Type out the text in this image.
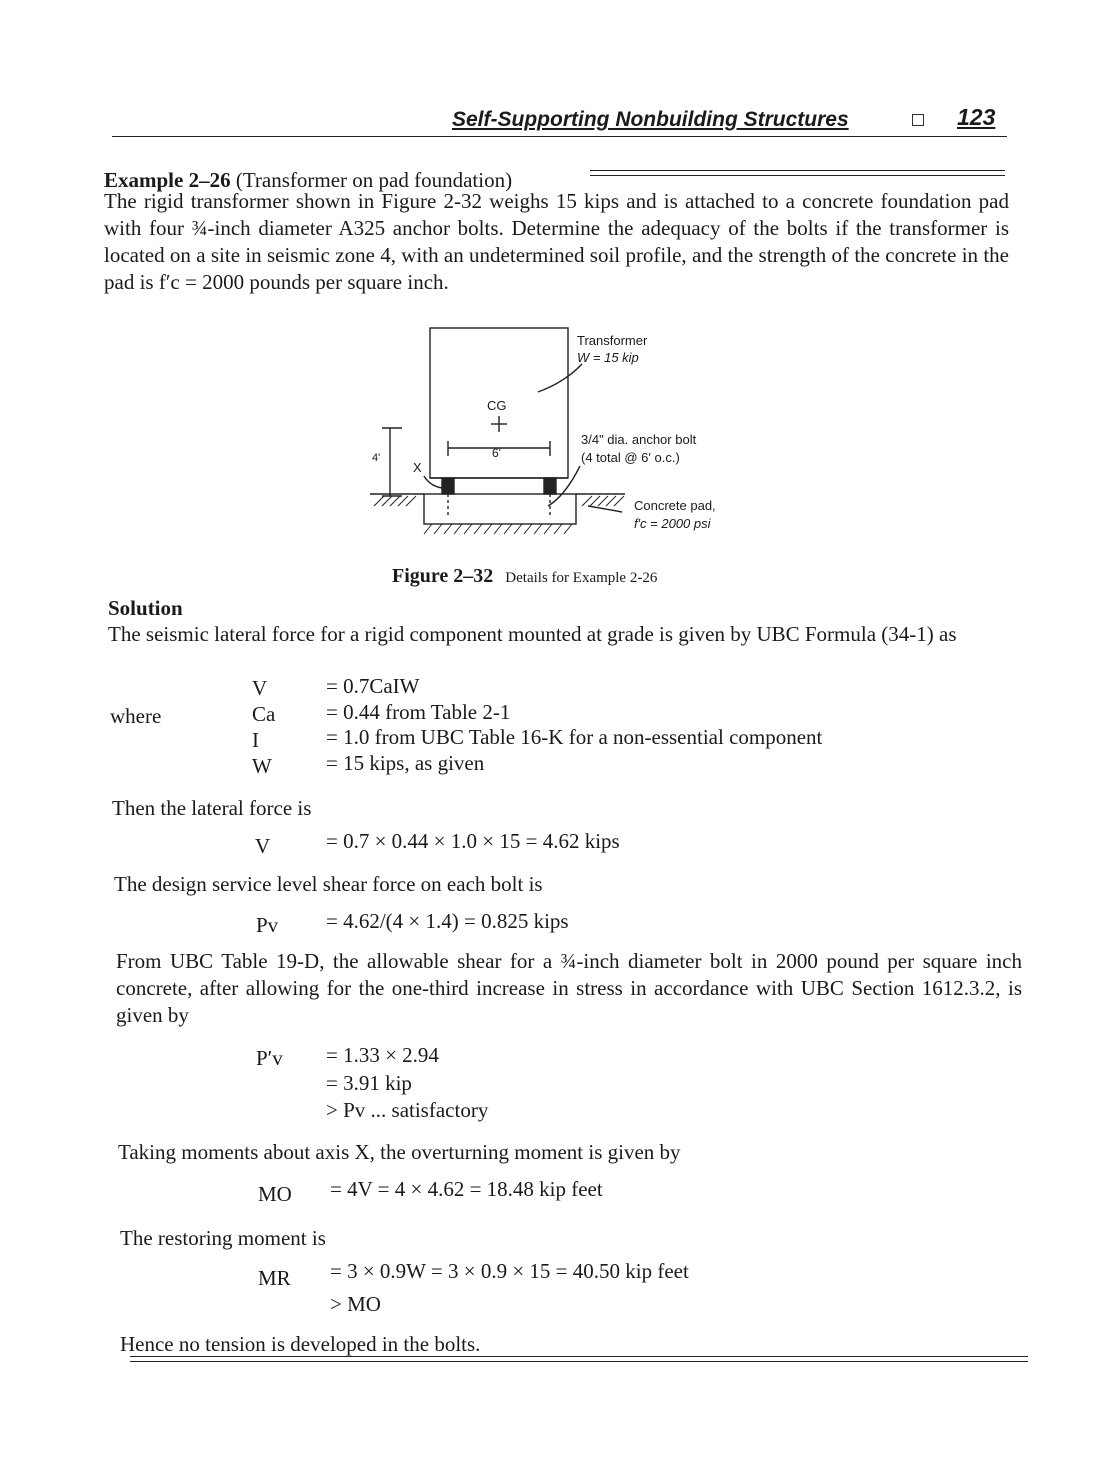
Self-Supporting Nonbuilding Structures	123
Example 2–26 (Transformer on pad foundation)
The rigid transformer shown in Figure 2-32 weighs 15 kips and is attached to a concrete foundation pad with four ¾-inch diameter A325 anchor bolts. Determine the adequacy of the bolts if the transformer is located on a site in seismic zone 4, with an undetermined soil profile, and the strength of the concrete in the pad is f′c = 2000 pounds per square inch.
6'
Transformer
W = 15 kip
CG
4'
X
3/4" dia. anchor bolt
(4 total @ 6' o.c.)
Concrete pad,
f′c = 2000 psi
Figure 2–32 Details for Example 2-26
Solution
The seismic lateral force for a rigid component mounted at grade is given by UBC Formula (34-1) as
V	= 0.7CaIW
where	Ca = 0.44 from Table 2-1
I	= 1.0 from UBC Table 16-K for a non-essential component
W	= 15 kips, as given
Then the lateral force is
V	= 0.7 × 0.44 × 1.0 × 15 = 4.62 kips
The design service level shear force on each bolt is
Pv = 4.62/(4 × 1.4) = 0.825 kips
From UBC Table 19-D, the allowable shear for a ¾-inch diameter bolt in 2000 pound per square inch concrete, after allowing for the one-third increase in stress in accordance with UBC Section 1612.3.2, is given by
P′v = 1.33 × 2.94
= 3.91 kip
> Pv ... satisfactory
Taking moments about axis X, the overturning moment is given by
MO = 4V = 4 × 4.62 = 18.48 kip feet
The restoring moment is
MR = 3 × 0.9W = 3 × 0.9 × 15 = 40.50 kip feet
> MO
Hence no tension is developed in the bolts.
